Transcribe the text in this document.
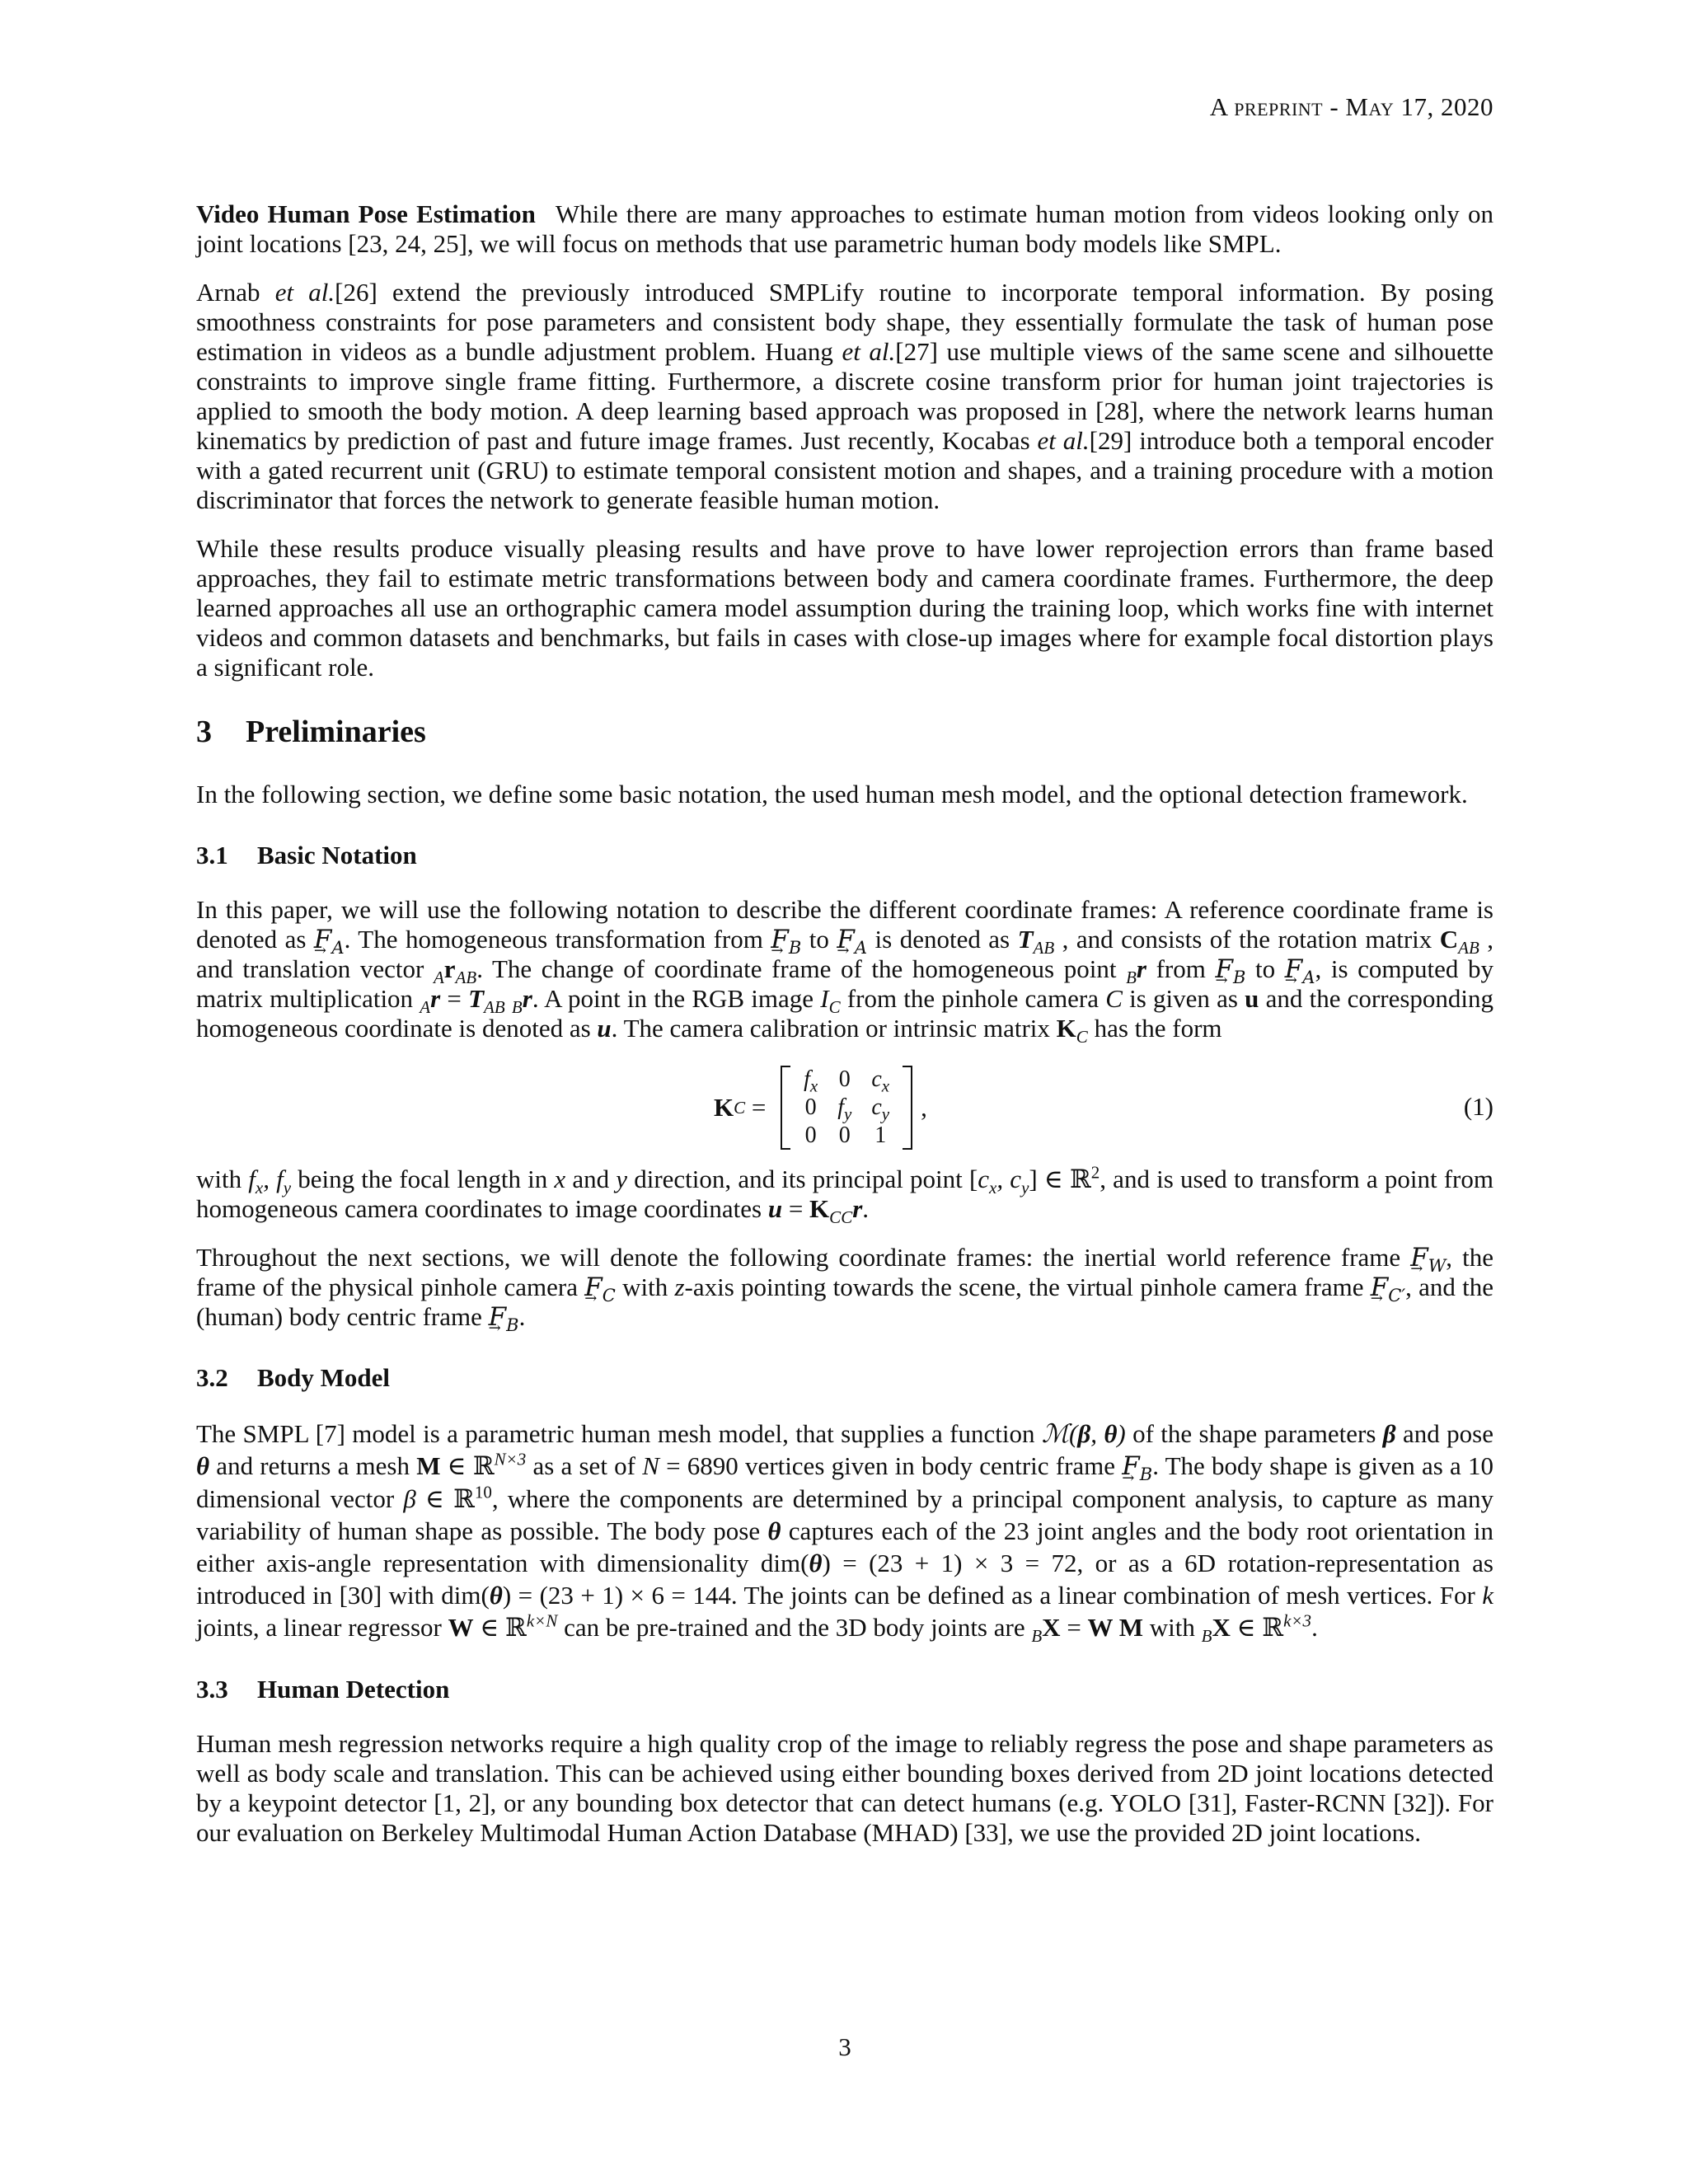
A preprint - May 17, 2020

Video Human Pose Estimation While there are many approaches to estimate human motion from videos looking only on joint locations [23, 24, 25], we will focus on methods that use parametric human body models like SMPL.

Arnab et al.[26] extend the previously introduced SMPLify routine to incorporate temporal information. By posing smoothness constraints for pose parameters and consistent body shape, they essentially formulate the task of human pose estimation in videos as a bundle adjustment problem. Huang et al.[27] use multiple views of the same scene and silhouette constraints to improve single frame fitting. Furthermore, a discrete cosine transform prior for human joint trajectories is applied to smooth the body motion. A deep learning based approach was proposed in [28], where the network learns human kinematics by prediction of past and future image frames. Just recently, Kocabas et al.[29] introduce both a temporal encoder with a gated recurrent unit (GRU) to estimate temporal consistent motion and shapes, and a training procedure with a motion discriminator that forces the network to generate feasible human motion.

While these results produce visually pleasing results and have prove to have lower reprojection errors than frame based approaches, they fail to estimate metric transformations between body and camera coordinate frames. Furthermore, the deep learned approaches all use an orthographic camera model assumption during the training loop, which works fine with internet videos and common datasets and benchmarks, but fails in cases with close-up images where for example focal distortion plays a significant role.

3 Preliminaries

In the following section, we define some basic notation, the used human mesh model, and the optional detection framework.

3.1 Basic Notation

In this paper, we will use the following notation to describe the different coordinate frames: A reference coordinate frame is denoted as $F_A$ →. The homogeneous transformation from $F_B$ → to $F_A$ → is denoted as $T_{AB}$ , and consists of the rotation matrix $C_{AB}$ , and translation vector $_Ar_{AB}$. The change of coordinate frame of the homogeneous point $_B$r from $F_B$ → to $F_A$ →, is computed by matrix multiplication $_Ar = T_{AB}$ $_B$r. A point in the RGB image $I_C$ from the pinhole camera C is given as u and the corresponding homogeneous coordinate is denoted as u. The camera calibration or intrinsic matrix $K_C$ has the form

K C =
$f_x$	0	$c_x$
0	$f_y$	$c_y$
0	0	1
,	(1)

with $f_x$, $f_y$ being the focal length in x and y direction, and its principal point [$c_x$, $c_y$] ∈ ℝ$^2$, and is used to transform a point from homogeneous camera coordinates to image coordinates $u = K_{CC}r$.

Throughout the next sections, we will denote the following coordinate frames: the inertial world reference frame $F_W$ →, the frame of the physical pinhole camera $F_C$ → with z-axis pointing towards the scene, the virtual pinhole camera frame $F_{C'}$ →, and the (human) body centric frame $F_B$ →.

3.2 Body Model

The SMPL [7] model is a parametric human mesh model, that supplies a function ℳ(β, θ) of the shape parameters β and pose θ and returns a mesh M ∈ ℝ$^{N\times 3}$ as a set of N = 6890 vertices given in body centric frame $F_B$ →. The body shape is given as a 10 dimensional vector β ∈ ℝ$^{10}$, where the components are determined by a principal component analysis, to capture as many variability of human shape as possible. The body pose θ captures each of the 23 joint angles and the body root orientation in either axis-angle representation with dimensionality dim(θ) = (23 + 1) × 3 = 72, or as a 6D rotation-representation as introduced in [30] with dim(θ) = (23 + 1) × 6 = 144. The joints can be defined as a linear combination of mesh vertices. For k joints, a linear regressor W ∈ ℝ$^{k\times N}$ can be pre-trained and the 3D body joints are $_B$X = W M with $_B$X ∈ ℝ$^{k\times 3}$.

3.3 Human Detection

Human mesh regression networks require a high quality crop of the image to reliably regress the pose and shape parameters as well as body scale and translation. This can be achieved using either bounding boxes derived from 2D joint locations detected by a keypoint detector [1, 2], or any bounding box detector that can detect humans (e.g. YOLO [31], Faster-RCNN [32]). For our evaluation on Berkeley Multimodal Human Action Database (MHAD) [33], we use the provided 2D joint locations.

3
